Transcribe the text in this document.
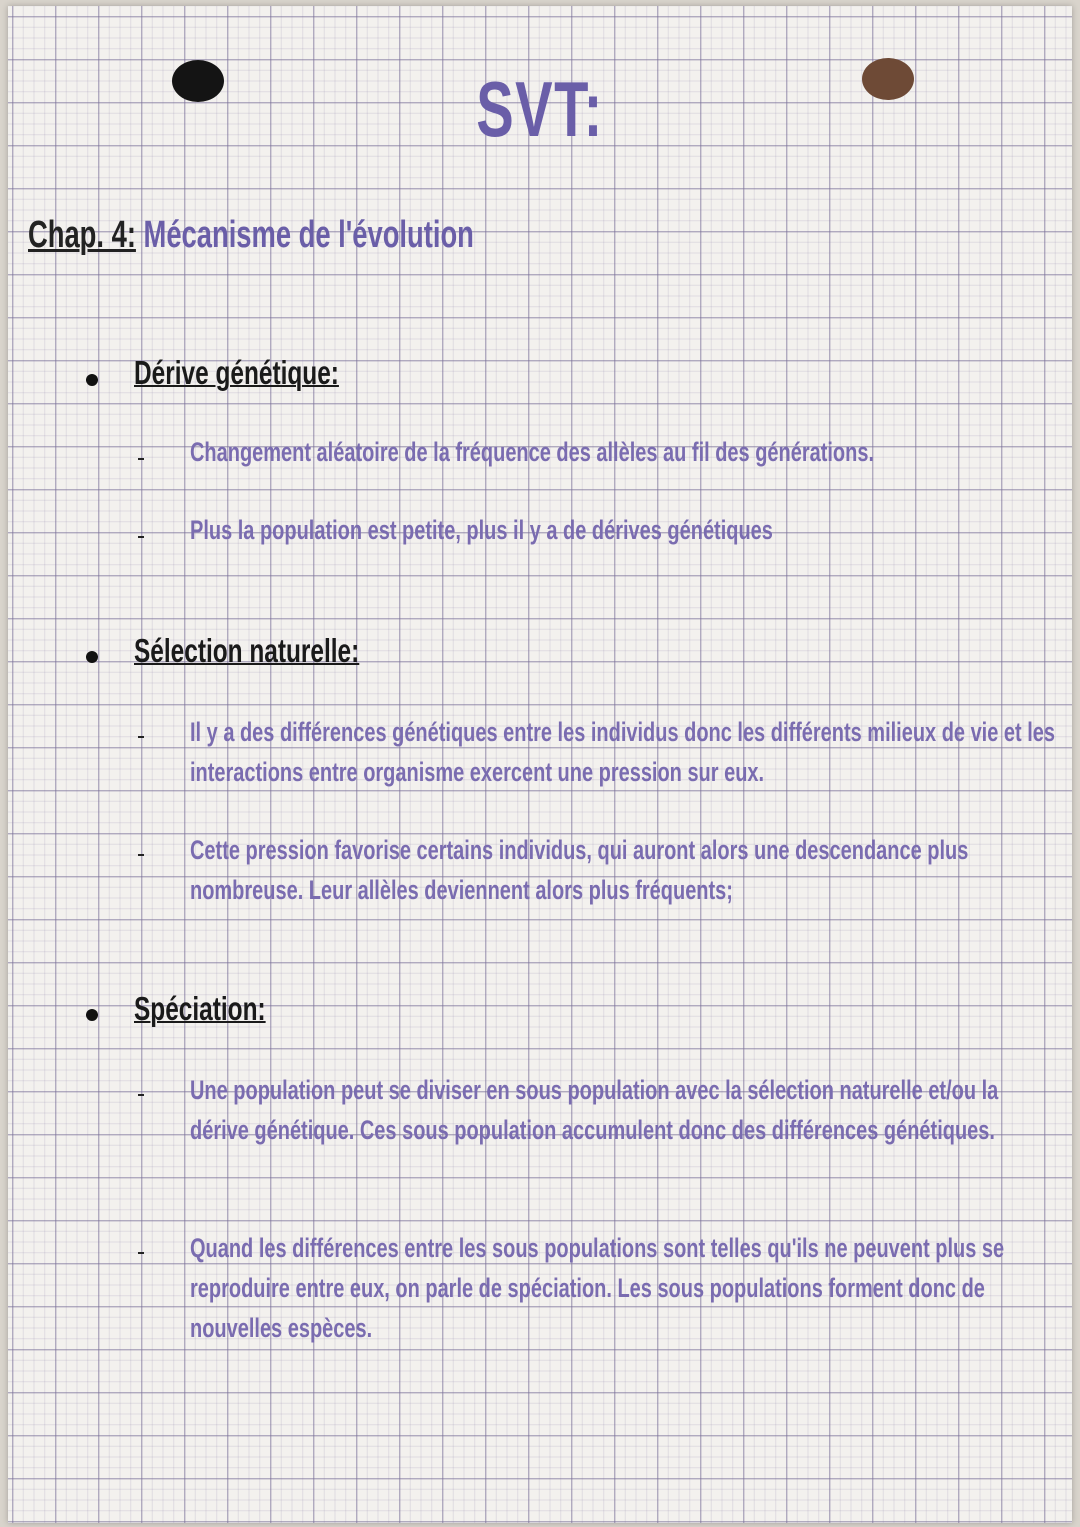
SVT:
Chap. 4: Mécanisme de l'évolution
Dérive génétique:
Changement aléatoire de la fréquence des allèles au fil des générations.
Plus la population est petite, plus il y a de dérives génétiques
Sélection naturelle:
Il y a des différences génétiques entre les individus donc les différents milieux de vie et les interactions entre organisme exercent une pression sur eux.
Cette pression favorise certains individus, qui auront alors une descendance plus nombreuse. Leur allèles deviennent alors plus fréquents;
Spéciation:
Une population peut se diviser en sous population avec la sélection naturelle et/ou la dérive génétique. Ces sous population accumulent donc des différences génétiques.
Quand les différences entre les sous populations sont telles qu'ils ne peuvent plus se reproduire entre eux, on parle de spéciation. Les sous populations forment donc de nouvelles espèces.
